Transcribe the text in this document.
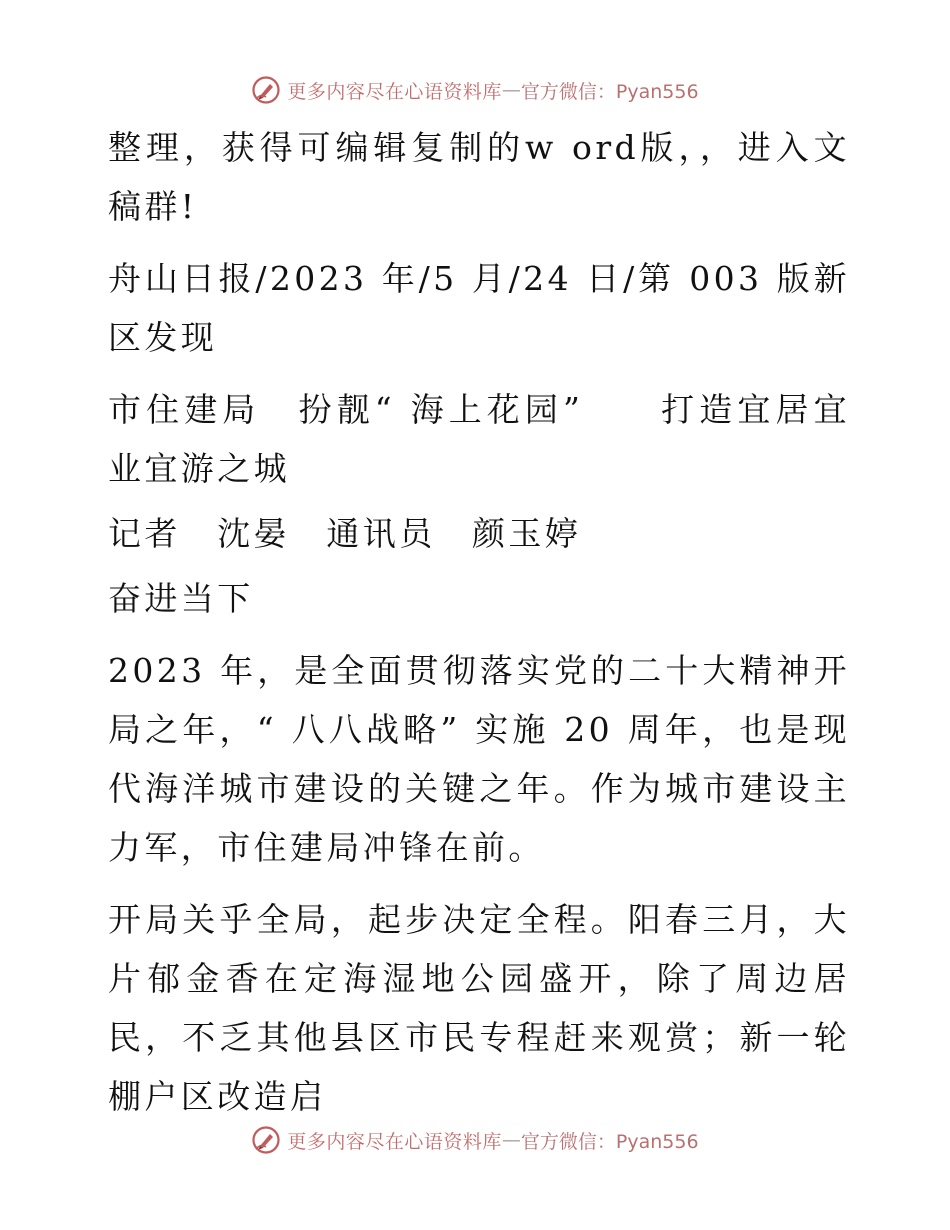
更多内容尽在心语资料库 — 官方微信：Pyan556

整理，获得可编辑复制的w ord版，，进入文稿群!

舟山日报/2023 年/5 月/24 日/第 003 版新区发现

市住建局　扮靓“ 海上花园”　　打造宜居宜业宜游之城

记者　沈晏　通讯员　颜玉婷

奋进当下

2023 年，是全面贯彻落实党的二十大精神开局之年，“ 八八战略” 实施 20 周年，也是现代海洋城市建设的关键之年。作为城市建设主力军，市住建局冲锋在前。

开局关乎全局，起步决定全程。阳春三月，大片郁金香在定海湿地公园盛开，除了周边居民，不乏其他县区市民专程赶来观赏；新一轮棚户区改造启

更多内容尽在心语资料库 — 官方微信：Pyan556
